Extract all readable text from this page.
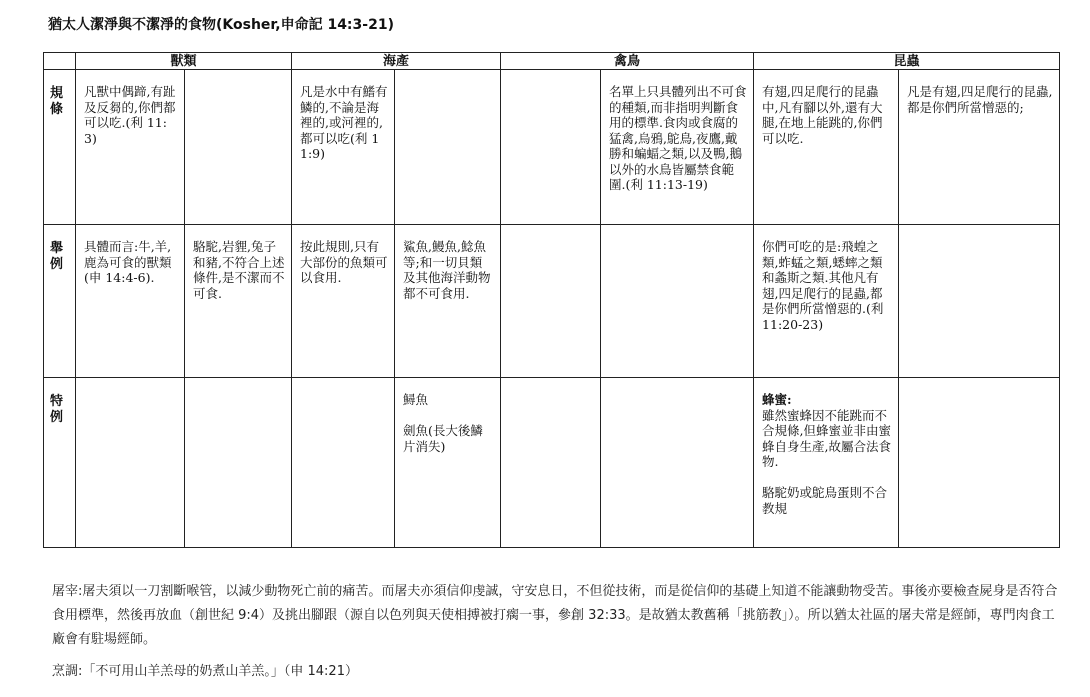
猶太人潔淨與不潔淨的食物(Kosher,申命記 14:3-21)
	獸類		海產		禽鳥		昆蟲	

規條	凡獸中偶蹄,有趾及反芻的,你們都可以吃.(利 11:3)		凡是水中有鰭有鱗的,不論是海裡的,或河裡的,都可以吃(利 11:9)			名單上只具體列出不可食的種類,而非指明判斷食用的標準.食肉或食腐的猛禽,烏鴉,鴕鳥,夜鷹,戴勝和蝙蝠之類,以及鴨,鵝以外的水鳥皆屬禁食範圍.(利 11:13-19)	有翅,四足爬行的昆蟲中,凡有腳以外,還有大腿,在地上能跳的,你們可以吃.	凡是有翅,四足爬行的昆蟲,都是你們所當憎惡的;

舉例	具體而言:牛,羊,鹿為可食的獸類(申 14:4-6).	駱駝,岩貍,兔子和豬,不符合上述條件,是不潔而不可食.	按此規則,只有大部份的魚類可以食用.	鯊魚,鰻魚,鯰魚等;和一切貝類及其他海洋動物都不可食用.			你們可吃的是:飛蝗之類,蚱蜢之類,蟋蟀之類和螽斯之類.其他凡有翅,四足爬行的昆蟲,都是你們所當憎惡的.(利 11:20-23)	

特例				鱘魚

劍魚(長大後鱗片消失)			蜂蜜:
雖然蜜蜂因不能跳而不合規條,但蜂蜜並非由蜜蜂自身生產,故屬合法食物.

駱駝奶或鴕鳥蛋則不合教規	

屠宰:屠夫須以一刀割斷喉管，以減少動物死亡前的痛苦。而屠夫亦須信仰虔誠，守安息日，不但從技術，而是從信仰的基礎上知道不能讓動物受苦。事後亦要檢查屍身是否符合食用標準，然後再放血（創世紀 9:4）及挑出腳跟（源自以色列與天使相搏被打瘸一事，參創 32:33。是故猶太教舊稱「挑筋教」）。所以猶太社區的屠夫常是經師，專門肉食工廠會有駐場經師。

烹調:「不可用山羊羔母的奶煮山羊羔。」（申 14:21）
